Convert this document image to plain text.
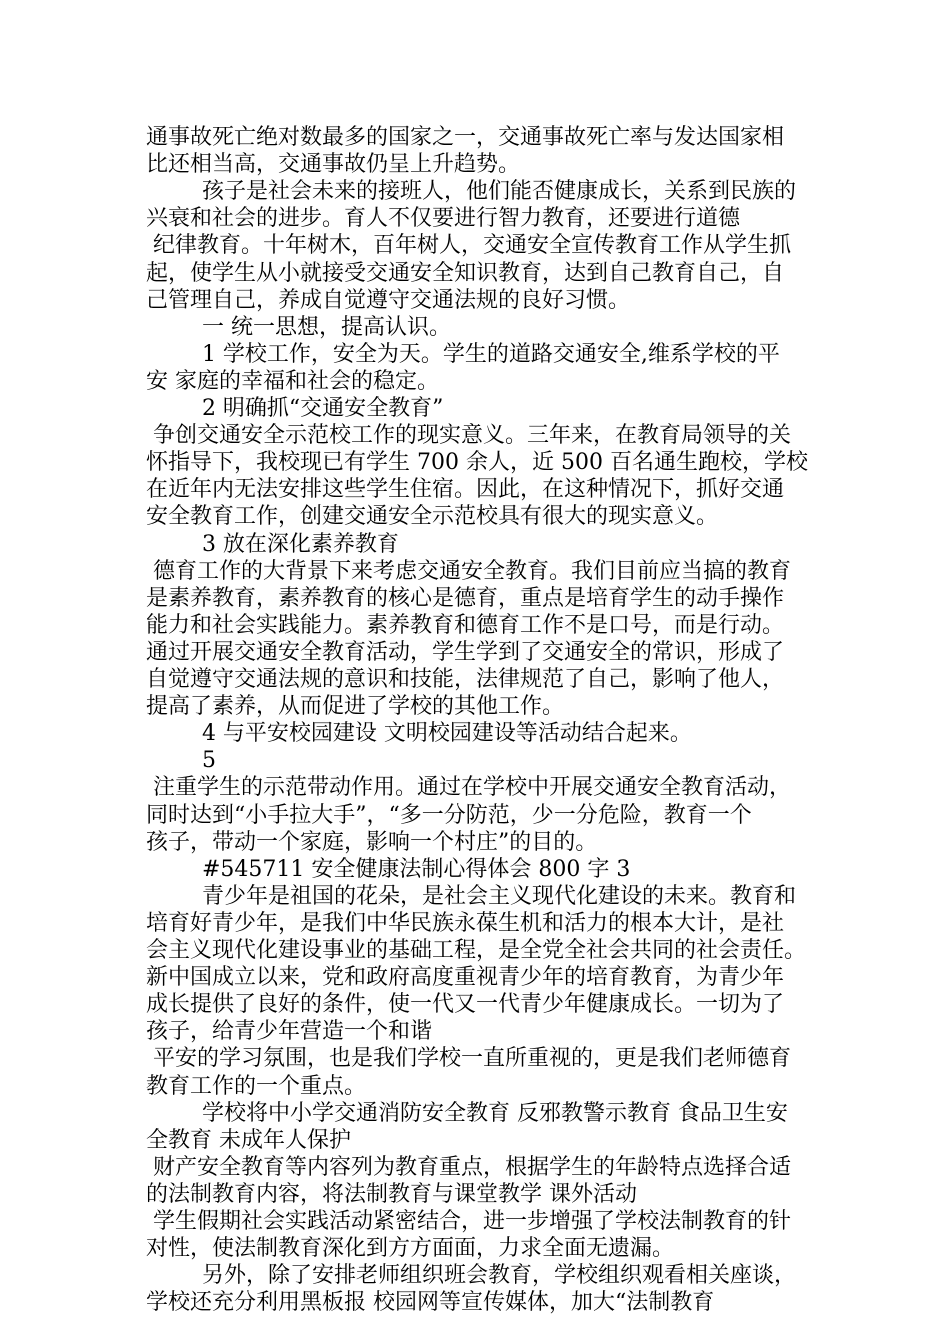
通事故死亡绝对数最多的国家之一，交通事故死亡率与发达国家相

比还相当高，交通事故仍呈上升趋势。

孩子是社会未来的接班人，他们能否健康成长，关系到民族的

兴衰和社会的进步。育人不仅要进行智力教育，还要进行道德

纪律教育。十年树木，百年树人，交通安全宣传教育工作从学生抓

起，使学生从小就接受交通安全知识教育，达到自己教育自己，自

己管理自己，养成自觉遵守交通法规的良好习惯。

一 统一思想，提高认识。

1 学校工作，安全为天。学生的道路交通安全,维系学校的平

安 家庭的幸福和社会的稳定。

2 明确抓“交通安全教育”

争创交通安全示范校工作的现实意义。三年来，在教育局领导的关

怀指导下，我校现已有学生 700 余人，近 500 百名通生跑校，学校

在近年内无法安排这些学生住宿。因此，在这种情况下，抓好交通

安全教育工作，创建交通安全示范校具有很大的现实意义。

3 放在深化素养教育

德育工作的大背景下来考虑交通安全教育。我们目前应当搞的教育

是素养教育，素养教育的核心是德育，重点是培育学生的动手操作

能力和社会实践能力。素养教育和德育工作不是口号，而是行动。

通过开展交通安全教育活动，学生学到了交通安全的常识，形成了

自觉遵守交通法规的意识和技能，法律规范了自己，影响了他人，

提高了素养，从而促进了学校的其他工作。

4 与平安校园建设 文明校园建设等活动结合起来。

5

注重学生的示范带动作用。通过在学校中开展交通安全教育活动，

同时达到“小手拉大手”，“多一分防范，少一分危险，教育一个

孩子，带动一个家庭，影响一个村庄”的目的。

#545711 安全健康法制心得体会 800 字 3

青少年是祖国的花朵，是社会主义现代化建设的未来。教育和

培育好青少年，是我们中华民族永葆生机和活力的根本大计，是社

会主义现代化建设事业的基础工程，是全党全社会共同的社会责任。

新中国成立以来，党和政府高度重视青少年的培育教育，为青少年

成长提供了良好的条件，使一代又一代青少年健康成长。一切为了

孩子，给青少年营造一个和谐

平安的学习氛围，也是我们学校一直所重视的，更是我们老师德育

教育工作的一个重点。

学校将中小学交通消防安全教育 反邪教警示教育 食品卫生安

全教育 未成年人保护

财产安全教育等内容列为教育重点，根据学生的年龄特点选择合适

的法制教育内容，将法制教育与课堂教学 课外活动

学生假期社会实践活动紧密结合，进一步增强了学校法制教育的针

对性，使法制教育深化到方方面面，力求全面无遗漏。

另外，除了安排老师组织班会教育，学校组织观看相关座谈，

学校还充分利用黑板报 校园网等宣传媒体，加大“法制教育
